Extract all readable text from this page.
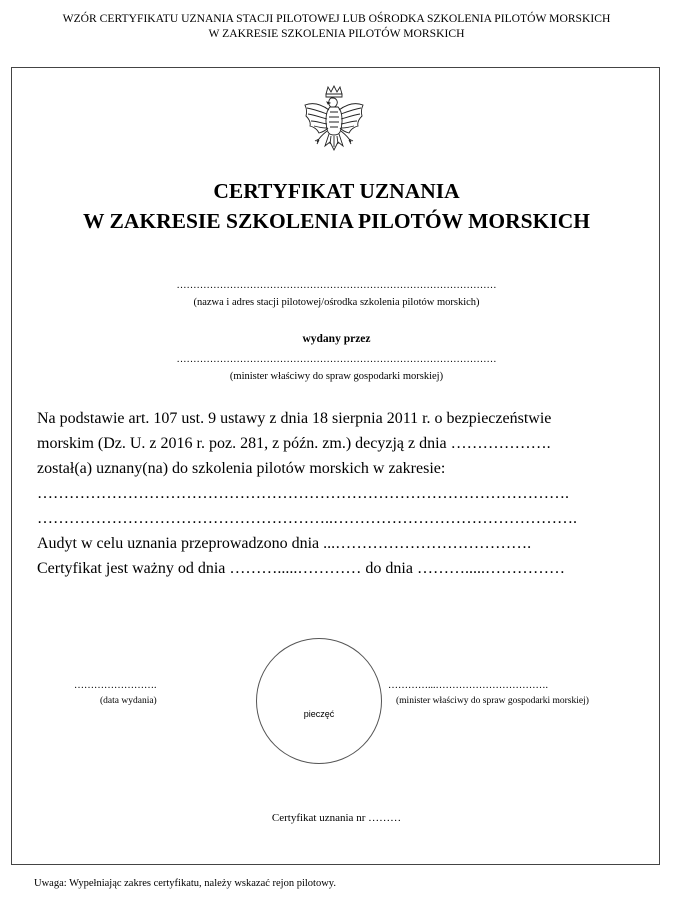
WZÓR CERTYFIKATU UZNANIA STACJI PILOTOWEJ LUB OŚRODKA SZKOLENIA PILOTÓW MORSKICH
W ZAKRESIE SZKOLENIA PILOTÓW MORSKICH
CERTYFIKAT UZNANIA
W ZAKRESIE SZKOLENIA PILOTÓW MORSKICH
……………………………………………………………………………………
(nazwa i adres stacji pilotowej/ośrodka szkolenia pilotów morskich)
wydany przez
……………………………………………………………………………………
(minister właściwy do spraw gospodarki morskiej)
Na podstawie art. 107 ust. 9 ustawy z dnia 18 sierpnia 2011 r. o bezpieczeństwie
morskim (Dz. U. z 2016 r. poz. 281, z późn. zm.) decyzją z dnia ……………….
został(a) uznany(na) do szkolenia pilotów morskich w zakresie:
……………………………………………………………………………………….
………………………………………………..……………………………………….
Audyt w celu uznania przeprowadzono dnia ...……………………………….
Certyfikat jest ważny od dnia ……….....………… do dnia ……….....……………
pieczęć
…………………….
(data wydania)
…………...…………………………….
(minister właściwy do spraw gospodarki morskiej)
Certyfikat uznania nr ………
Uwaga: Wypełniając zakres certyfikatu, należy wskazać rejon pilotowy.
